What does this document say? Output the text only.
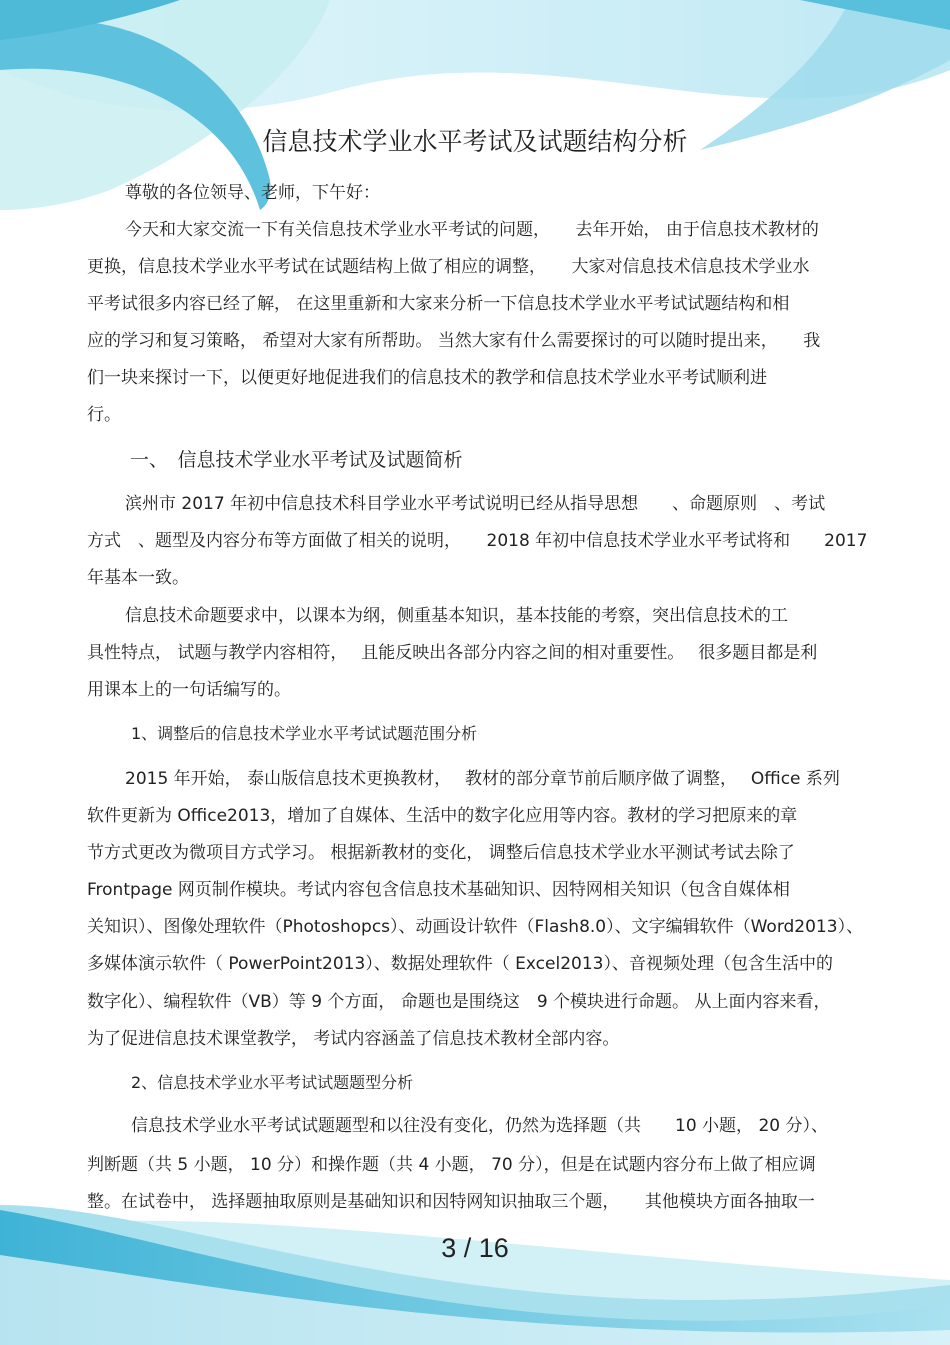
信息技术学业水平考试及试题结构分析
尊敬的各位领导、老师，下午好：
今天和大家交流一下有关信息技术学业水平考试的问题，　　去年开始， 由于信息技术教材的
更换，信息技术学业水平考试在试题结构上做了相应的调整，　　大家对信息技术信息技术学业水
平考试很多内容已经了解， 在这里重新和大家来分析一下信息技术学业水平考试试题结构和相
应的学习和复习策略， 希望对大家有所帮助。 当然大家有什么需要探讨的可以随时提出来，　　我
们一块来探讨一下，以便更好地促进我们的信息技术的教学和信息技术学业水平考试顺利进
行。
一、　信息技术学业水平考试及试题简析
滨州市 2017 年初中信息技术科目学业水平考试说明已经从指导思想　　、命题原则　、考试
方式　、题型及内容分布等方面做了相关的说明，　　2018 年初中信息技术学业水平考试将和　　2017
年基本一致。
信息技术命题要求中，以课本为纲，侧重基本知识，基本技能的考察，突出信息技术的工
具性特点， 试题与教学内容相符，　 且能反映出各部分内容之间的相对重要性。　 很多题目都是利
用课本上的一句话编写的。
1、调整后的信息技术学业水平考试试题范围分析
2015 年开始， 泰山版信息技术更换教材，　 教材的部分章节前后顺序做了调整，　 Office 系列
软件更新为 Office2013，增加了自媒体、生活中的数字化应用等内容。教材的学习把原来的章
节方式更改为微项目方式学习。 根据新教材的变化， 调整后信息技术学业水平测试考试去除了
Frontpage 网页制作模块。考试内容包含信息技术基础知识、因特网相关知识（包含自媒体相
关知识）、图像处理软件（Photoshopcs）、动画设计软件（Flash8.0）、文字编辑软件（Word2013）、
多媒体演示软件（ PowerPoint2013）、数据处理软件（ Excel2013）、音视频处理（包含生活中的
数字化）、编程软件（VB）等 9 个方面， 命题也是围绕这　9 个模块进行命题。 从上面内容来看，
为了促进信息技术课堂教学， 考试内容涵盖了信息技术教材全部内容。
2、信息技术学业水平考试试题题型分析
信息技术学业水平考试试题题型和以往没有变化，仍然为选择题（共　　10 小题， 20 分）、
判断题（共 5 小题， 10 分）和操作题（共 4 小题， 70 分），但是在试题内容分布上做了相应调
整。在试卷中， 选择题抽取原则是基础知识和因特网知识抽取三个题，　　其他模块方面各抽取一
3 / 16
